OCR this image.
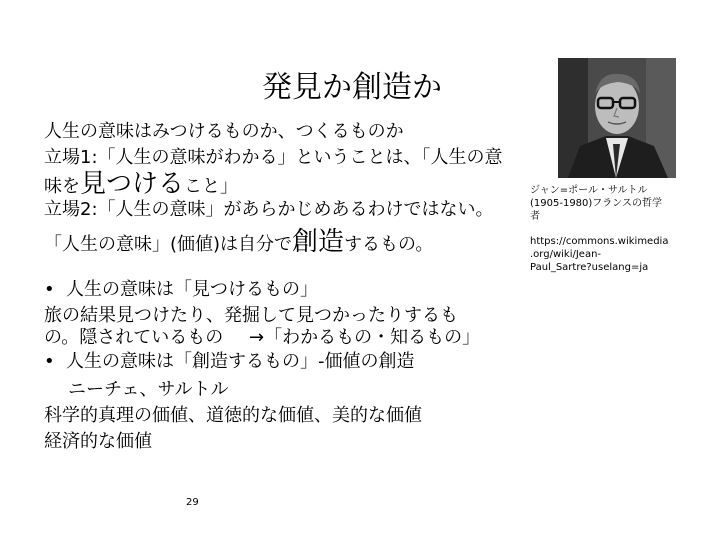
発見か創造か
人生の意味はみつけるものか、つくるものか
立場1:「人生の意味がわかる」ということは、「人生の意
味を見つけること」
立場2:「人生の意味」があらかじめあるわけではない。
「人生の意味」(価値)は自分で創造するもの。
• 人生の意味は「見つけるもの」
旅の結果見つけたり、発掘して見つかったりするも
の。隠されているもの →「わかるもの・知るもの」
• 人生の意味は「創造するもの」-価値の創造
ニーチェ、サルトル
科学的真理の価値、道徳的な価値、美的な価値
経済的な価値
ジャン=ポール・サルトル
(1905-1980)フランスの哲学
者
https://commons.wikimedia
.org/wiki/Jean-
Paul_Sartre?uselang=ja
29
